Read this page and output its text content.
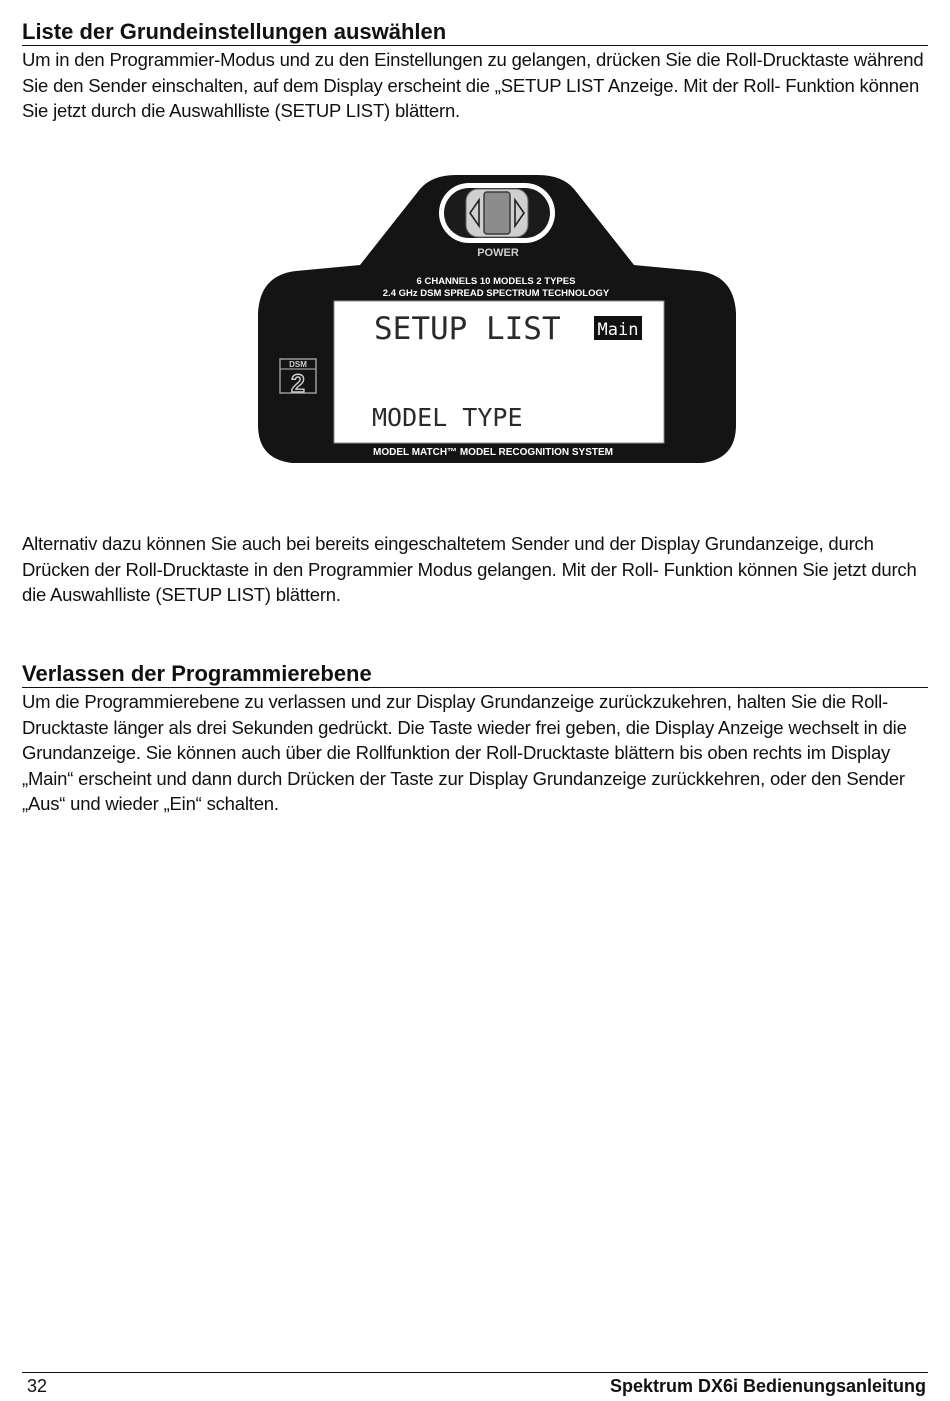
Liste der Grundeinstellungen auswählen
Um in den Programmier-Modus und zu den Einstellungen zu gelangen, drücken Sie die Roll-Drucktaste während Sie den Sender einschalten, auf dem Display erscheint die „SETUP LIST Anzeige. Mit der Roll- Funktion können Sie jetzt durch die Auswahlliste (SETUP LIST) blättern.
POWER
6 CHANNELS 10 MODELS 2 TYPES
2.4 GHz DSM SPREAD SPECTRUM TECHNOLOGY
SETUP LIST Main
MODEL TYPE
DSM
2
MODEL MATCH™ MODEL RECOGNITION SYSTEM
Alternativ dazu können Sie auch bei bereits eingeschaltetem Sender und der Display Grundanzeige, durch Drücken der Roll-Drucktaste in den Programmier Modus gelangen. Mit der Roll- Funktion können Sie jetzt durch die Auswahlliste (SETUP LIST) blättern.
Verlassen der Programmierebene
Um die Programmierebene zu verlassen und zur Display Grundanzeige zurückzukehren, halten Sie die Roll-Drucktaste länger als drei Sekunden gedrückt. Die Taste wieder frei geben, die Display Anzeige wechselt in die Grundanzeige. Sie können auch über die Rollfunktion der Roll-Drucktaste blättern bis oben rechts im Display „Main“ erscheint und dann durch Drücken der Taste zur Display Grundanzeige zurückkehren, oder den Sender „Aus“ und wieder „Ein“ schalten.
32	Spektrum DX6i Bedienungsanleitung
